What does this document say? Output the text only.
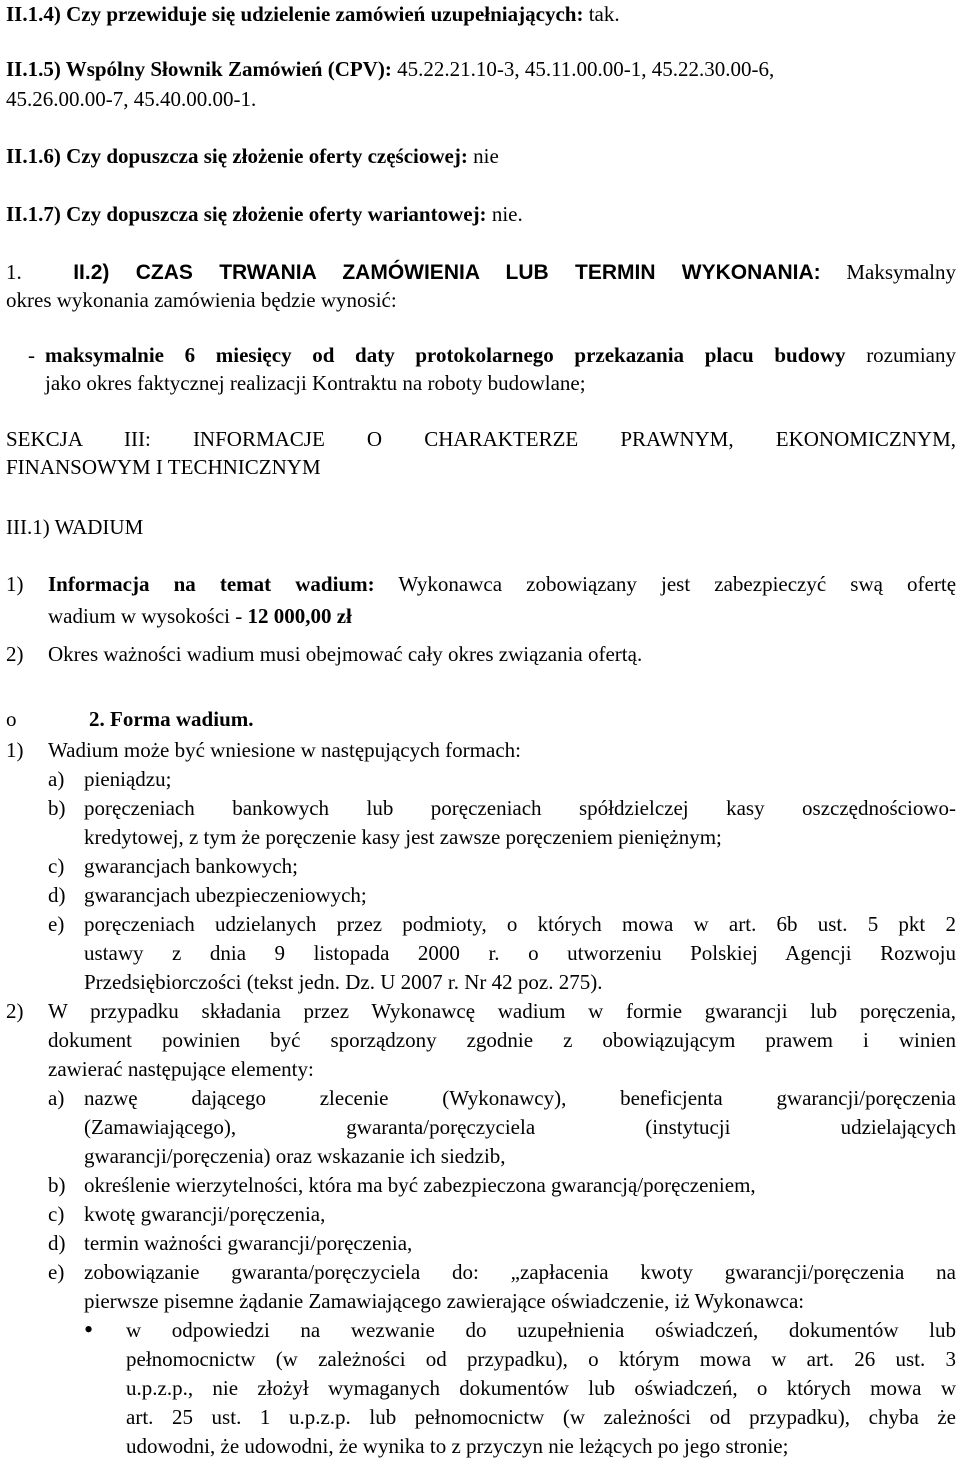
II.1.4) Czy przewiduje się udzielenie zamówień uzupełniających: tak.

II.1.5) Wspólny Słownik Zamówień (CPV): 45.22.21.10-3, 45.11.00.00-1, 45.22.30.00-6,

45.26.00.00-7, 45.40.00.00-1.

II.1.6) Czy dopuszcza się złożenie oferty częściowej: nie

II.1.7) Czy dopuszcza się złożenie oferty wariantowej: nie.

1. II.2) CZAS TRWANIA ZAMÓWIENIA LUB TERMIN WYKONANIA: Maksymalny

okres wykonania zamówienia będzie wynosić:

- maksymalnie 6 miesięcy od daty protokolarnego przekazania placu budowy rozumiany

jako okres faktycznej realizacji Kontraktu na roboty budowlane;

SEKCJA III: INFORMACJE O CHARAKTERZE PRAWNYM, EKONOMICZNYM,

FINANSOWYM I TECHNICZNYM

III.1) WADIUM

1)	Informacja na temat wadium: Wykonawca zobowiązany jest zabezpieczyć swą ofertę

wadium w wysokości - 12 000,00 zł

2)	Okres ważności wadium musi obejmować cały okres związania ofertą.

o	2. Forma wadium.
1)	Wadium może być wniesione w następujących formach:

a) pieniądzu;

b) poręczeniach bankowych lub poręczeniach spółdzielczej kasy oszczędnościowo-

kredytowej, z tym że poręczenie kasy jest zawsze poręczeniem pieniężnym;

c) gwarancjach bankowych;

d) gwarancjach ubezpieczeniowych;

e) poręczeniach udzielanych przez podmioty, o których mowa w art. 6b ust. 5 pkt 2

ustawy z dnia 9 listopada 2000 r. o utworzeniu Polskiej Agencji Rozwoju

Przedsiębiorczości (tekst jedn. Dz. U 2007 r. Nr 42 poz. 275).

2)	W przypadku składania przez Wykonawcę wadium w formie gwarancji lub poręczenia,

dokument powinien być sporządzony zgodnie z obowiązującym prawem i winien

zawierać następujące elementy:

a) nazwę dającego zlecenie (Wykonawcy), beneficjenta gwarancji/poręczenia

(Zamawiającego), gwaranta/poręczyciela (instytucji udzielających

gwarancji/poręczenia) oraz wskazanie ich siedzib,

b) określenie wierzytelności, która ma być zabezpieczona gwarancją/poręczeniem,

c) kwotę gwarancji/poręczenia,

d) termin ważności gwarancji/poręczenia,

e) zobowiązanie gwaranta/poręczyciela do: „zapłacenia kwoty gwarancji/poręczenia na

pierwsze pisemne żądanie Zamawiającego zawierające oświadczenie, iż Wykonawca:

•	w odpowiedzi na wezwanie do uzupełnienia oświadczeń, dokumentów lub

pełnomocnictw (w zależności od przypadku), o którym mowa w art. 26 ust. 3

u.p.z.p., nie złożył wymaganych dokumentów lub oświadczeń, o których mowa w

art. 25 ust. 1 u.p.z.p. lub pełnomocnictw (w zależności od przypadku), chyba że

udowodni, że udowodni, że wynika to z przyczyn nie leżących po jego stronie;
